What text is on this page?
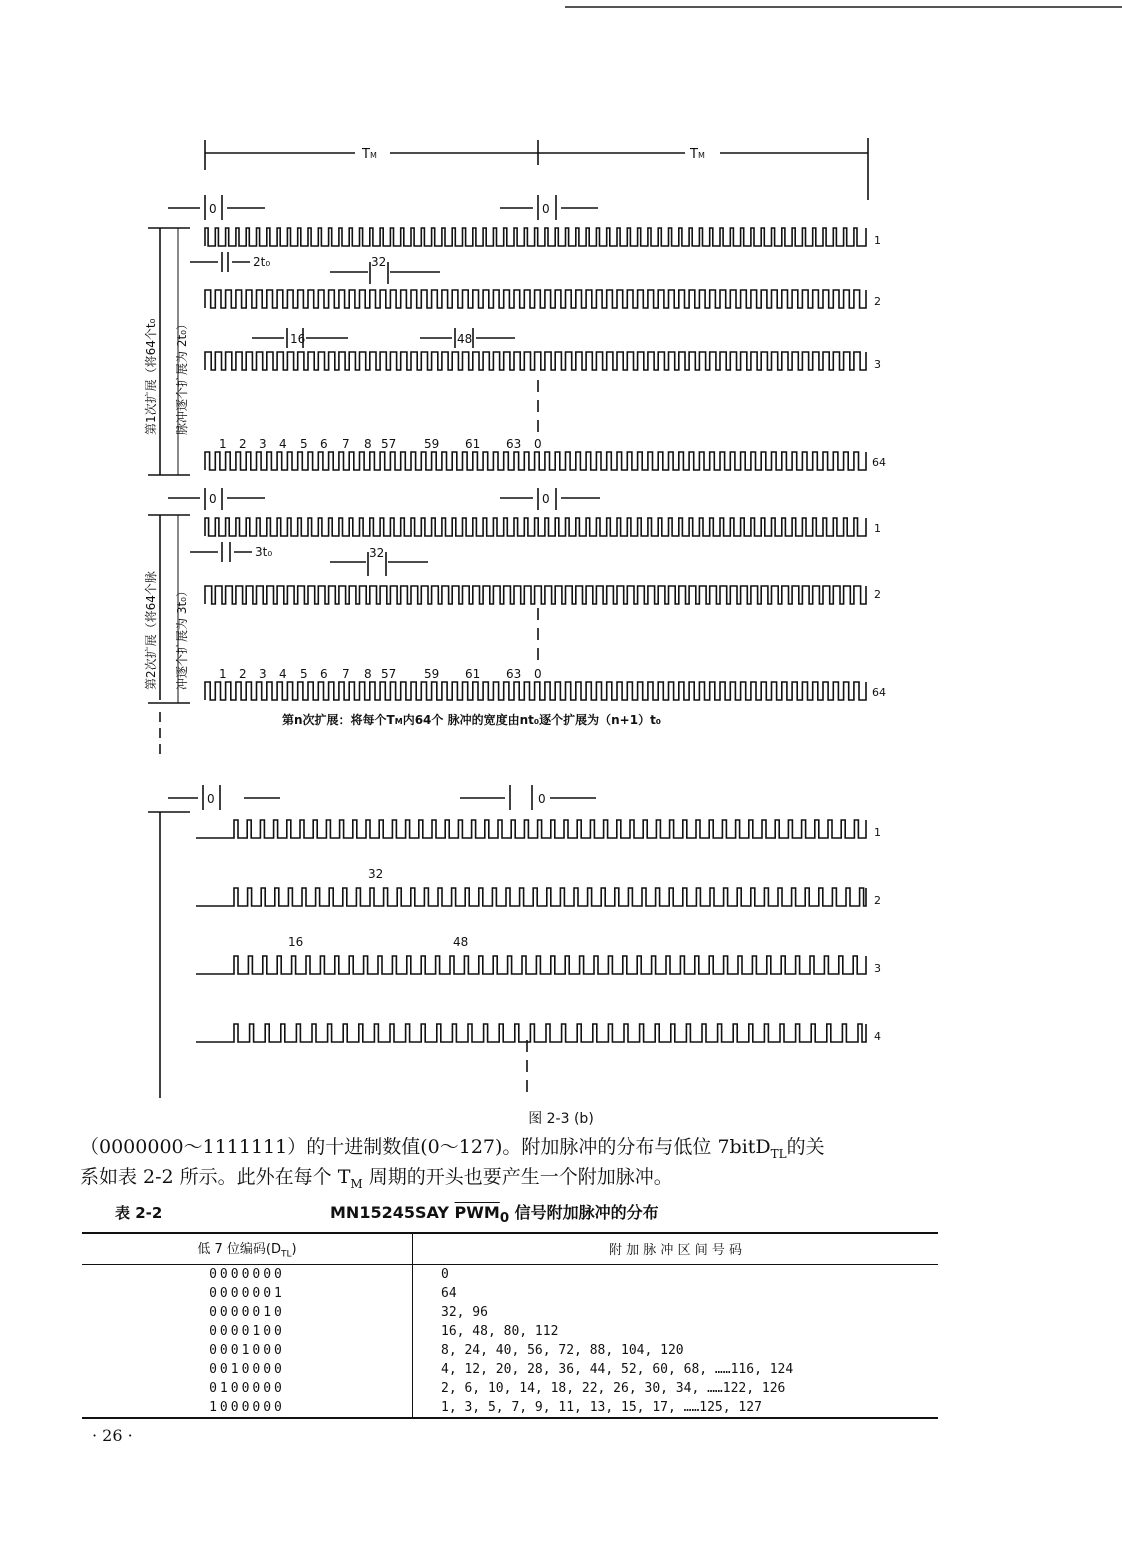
TM	TM
第1次扩展（将64个t₀ 脉冲逐个扩展为 2t₀）
第2次扩展（将64个脉 冲逐个扩展为 3t₀）
0	0
0	0
0	0
2t₀	32
16	48
3t₀	32
1 2 3 4 5 6 7 8 57 59 61 63 0
1 2 3 4 5 6 7 8 57 59 61 63 0
第n次扩展：将每个TM内64个 脉冲的宽度由nt₀逐个扩展为（n+1）t₀
32
16	48
1
2
3
64
1
2
64
1
2
3
4
图 2-3 (b)
（0000000～1111111）的十进制数值(0～127)。附加脉冲的分布与低位 7bitD$_{TL}$的关
系如表 2-2 所示。此外在每个 $T_M$ 周期的开头也要产生一个附加脉冲。
表 2-2	MN15245SAY $\overline{PWM}_0$ 信号附加脉冲的分布
低 7 位编码$(D_{TL})$	附 加 脉 冲 区 间 号 码
0000000	0
0000001	64
0000010	32, 96
0000100	16, 48, 80, 112
0001000	8, 24, 40, 56, 72, 88, 104, 120
0010000	4, 12, 20, 28, 36, 44, 52, 60, 68, ……116, 124
0100000	2, 6, 10, 14, 18, 22, 26, 30, 34, ……122, 126
1000000	1, 3, 5, 7, 9, 11, 13, 15, 17, ……125, 127
· 26 ·
